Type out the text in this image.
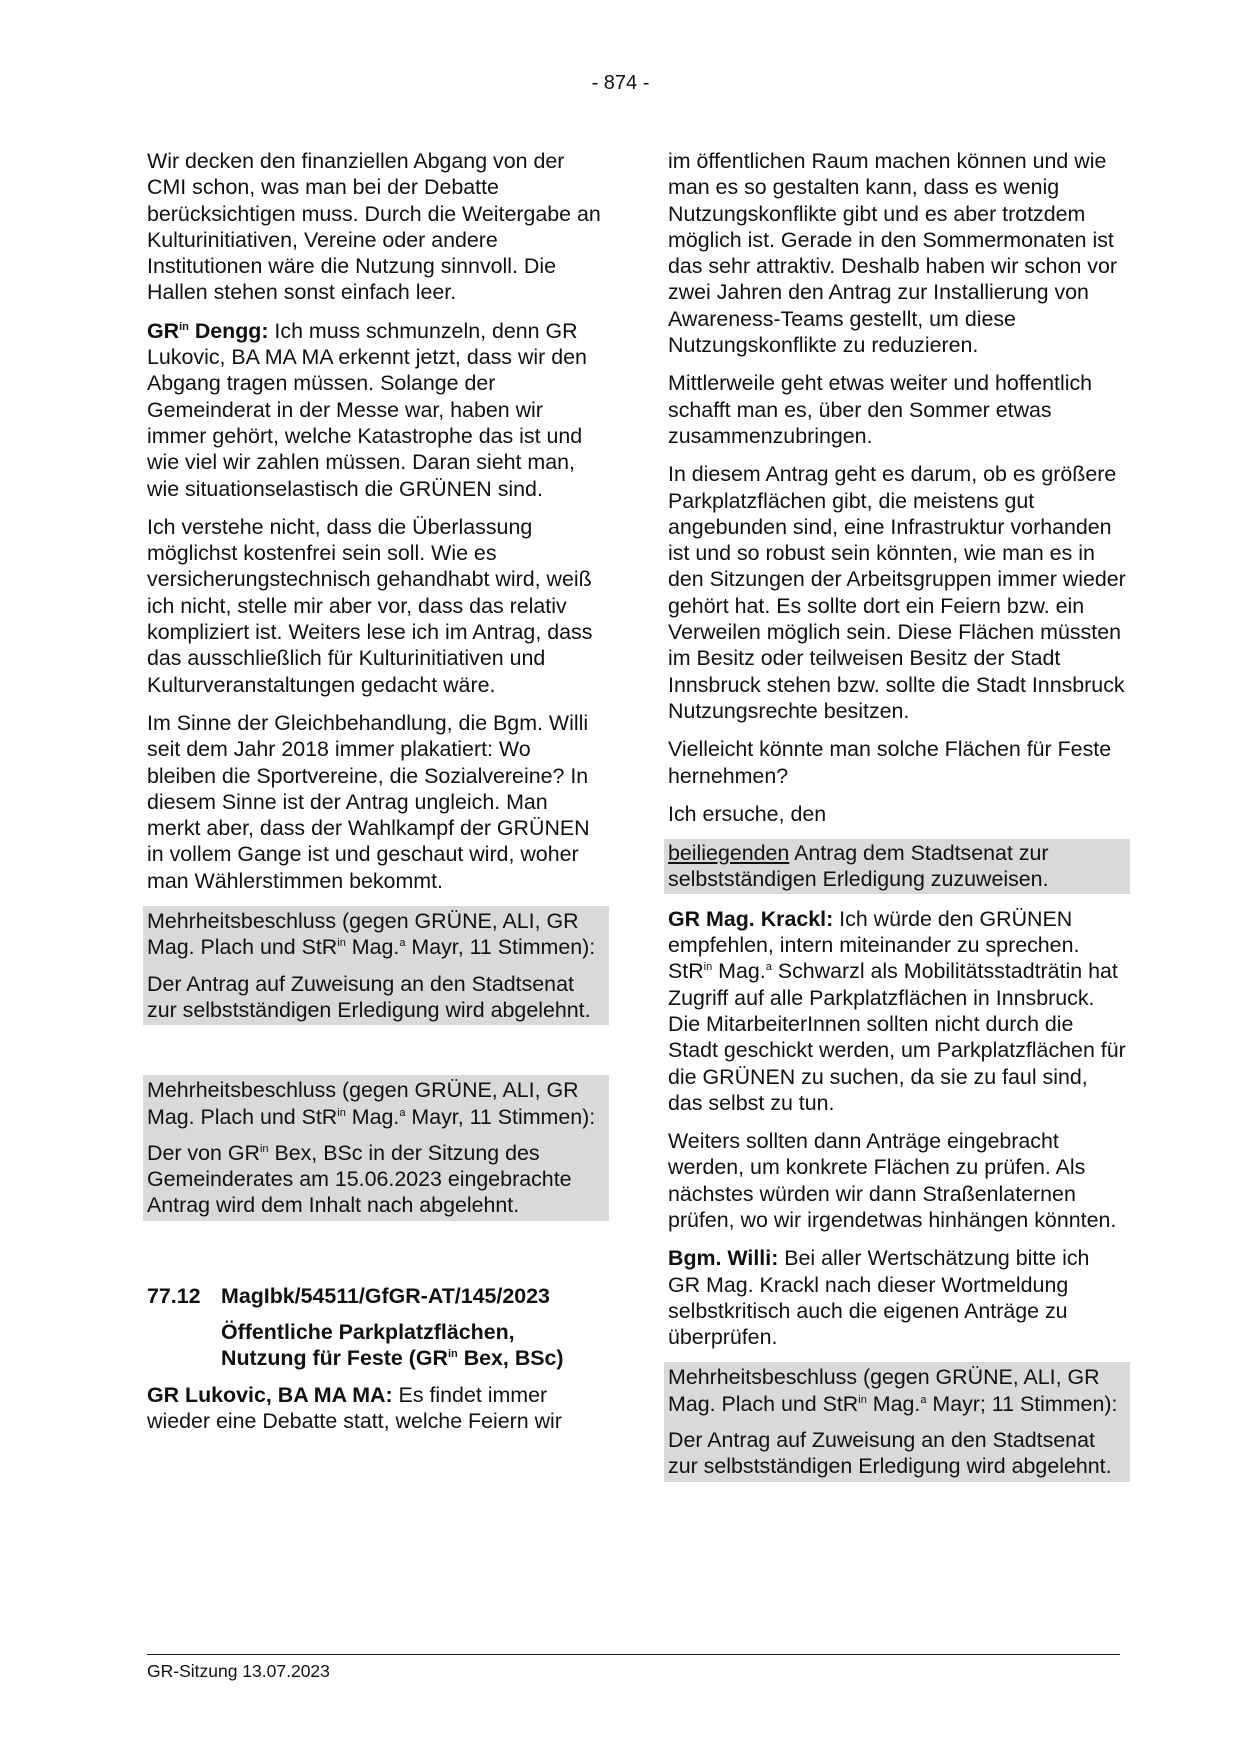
- 874 -

Wir decken den finanziellen Abgang von der CMI schon, was man bei der Debatte berücksichtigen muss. Durch die Weitergabe an Kulturinitiativen, Vereine oder andere Institutionen wäre die Nutzung sinnvoll. Die Hallen stehen sonst einfach leer.

$GR^{in}$ Dengg: Ich muss schmunzeln, denn GR Lukovic, BA MA MA erkennt jetzt, dass wir den Abgang tragen müssen. Solange der Gemeinderat in der Messe war, haben wir immer gehört, welche Katastrophe das ist und wie viel wir zahlen müssen. Daran sieht man, wie situationselastisch die GRÜNEN sind.

Ich verstehe nicht, dass die Überlassung möglichst kostenfrei sein soll. Wie es versicherungstechnisch gehandhabt wird, weiß ich nicht, stelle mir aber vor, dass das relativ kompliziert ist. Weiters lese ich im Antrag, dass das ausschließlich für Kulturinitiativen und Kulturveranstaltungen gedacht wäre.

Im Sinne der Gleichbehandlung, die Bgm. Willi seit dem Jahr 2018 immer plakatiert: Wo bleiben die Sportvereine, die Sozialvereine? In diesem Sinne ist der Antrag ungleich. Man merkt aber, dass der Wahlkampf der GRÜNEN in vollem Gange ist und geschaut wird, woher man Wählerstimmen bekommt.

Mehrheitsbeschluss (gegen GRÜNE, ALI, GR Mag. Plach und StR$^{in}$ Mag.$^a$ Mayr, 11 Stimmen):

Der Antrag auf Zuweisung an den Stadtsenat zur selbstständigen Erledigung wird abgelehnt.

Mehrheitsbeschluss (gegen GRÜNE, ALI, GR Mag. Plach und StR$^{in}$ Mag.$^a$ Mayr, 11 Stimmen):

Der von $GR^{in}$ Bex, BSc in der Sitzung des Gemeinderates am 15.06.2023 eingebrachte Antrag wird dem Inhalt nach abgelehnt.

77.12 MagIbk/54511/GfGR-AT/145/2023

Öffentliche Parkplatzflächen, Nutzung für Feste ($GR^{in}$ Bex, BSc)

GR Lukovic, BA MA MA: Es findet immer wieder eine Debatte statt, welche Feiern wir

im öffentlichen Raum machen können und wie man es so gestalten kann, dass es wenig Nutzungskonflikte gibt und es aber trotzdem möglich ist. Gerade in den Sommermonaten ist das sehr attraktiv. Deshalb haben wir schon vor zwei Jahren den Antrag zur Installierung von Awareness-Teams gestellt, um diese Nutzungskonflikte zu reduzieren.

Mittlerweile geht etwas weiter und hoffentlich schafft man es, über den Sommer etwas zusammenzubringen.

In diesem Antrag geht es darum, ob es größere Parkplatzflächen gibt, die meistens gut angebunden sind, eine Infrastruktur vorhanden ist und so robust sein könnten, wie man es in den Sitzungen der Arbeitsgruppen immer wieder gehört hat. Es sollte dort ein Feiern bzw. ein Verweilen möglich sein. Diese Flächen müssten im Besitz oder teilweisen Besitz der Stadt Innsbruck stehen bzw. sollte die Stadt Innsbruck Nutzungsrechte besitzen.

Vielleicht könnte man solche Flächen für Feste hernehmen?

Ich ersuche, den

beiliegenden Antrag dem Stadtsenat zur selbstständigen Erledigung zuzuweisen.

GR Mag. Krackl: Ich würde den GRÜNEN empfehlen, intern miteinander zu sprechen. StR$^{in}$ Mag.$^a$ Schwarzl als Mobilitätsstadträtin hat Zugriff auf alle Parkplatzflächen in Innsbruck. Die MitarbeiterInnen sollten nicht durch die Stadt geschickt werden, um Parkplatzflächen für die GRÜNEN zu suchen, da sie zu faul sind, das selbst zu tun.

Weiters sollten dann Anträge eingebracht werden, um konkrete Flächen zu prüfen. Als nächstes würden wir dann Straßenlaternen prüfen, wo wir irgendetwas hinhängen könnten.

Bgm. Willi: Bei aller Wertschätzung bitte ich GR Mag. Krackl nach dieser Wortmeldung selbstkritisch auch die eigenen Anträge zu überprüfen.

Mehrheitsbeschluss (gegen GRÜNE, ALI, GR Mag. Plach und StR$^{in}$ Mag.$^a$ Mayr; 11 Stimmen):

Der Antrag auf Zuweisung an den Stadtsenat zur selbstständigen Erledigung wird abgelehnt.

GR-Sitzung 13.07.2023
